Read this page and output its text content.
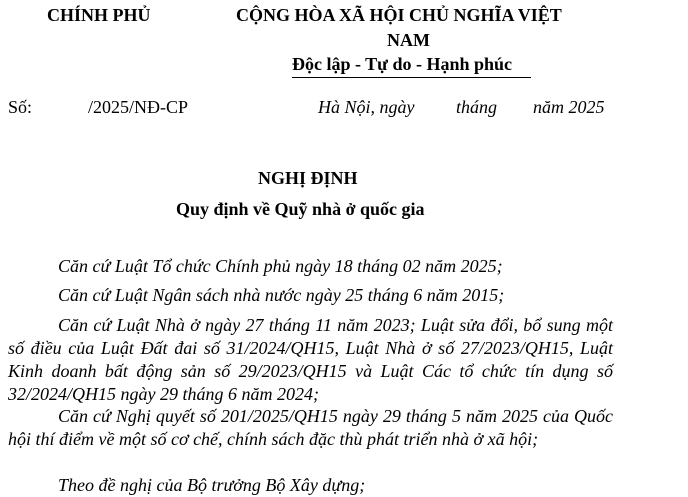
CHÍNH PHỦ	CỘNG HÒA XÃ HỘI CHỦ NGHĨA VIỆT
NAM
Độc lập - Tự do - Hạnh phúc
Số:	/2025/NĐ-CP	Hà Nội, ngày tháng năm 2025
NGHỊ ĐỊNH
Quy định về Quỹ nhà ở quốc gia
Căn cứ Luật Tổ chức Chính phủ ngày 18 tháng 02 năm 2025;
Căn cứ Luật Ngân sách nhà nước ngày 25 tháng 6 năm 2015;
Căn cứ Luật Nhà ở ngày 27 tháng 11 năm 2023; Luật sửa đổi, bổ sung một số điều của Luật Đất đai số 31/2024/QH15, Luật Nhà ở số 27/2023/QH15, Luật Kinh doanh bất động sản số 29/2023/QH15 và Luật Các tổ chức tín dụng số 32/2024/QH15 ngày 29 tháng 6 năm 2024;
Căn cứ Nghị quyết số 201/2025/QH15 ngày 29 tháng 5 năm 2025 của Quốc hội thí điểm về một số cơ chế, chính sách đặc thù phát triển nhà ở xã hội;
Theo đề nghị của Bộ trưởng Bộ Xây dựng;
